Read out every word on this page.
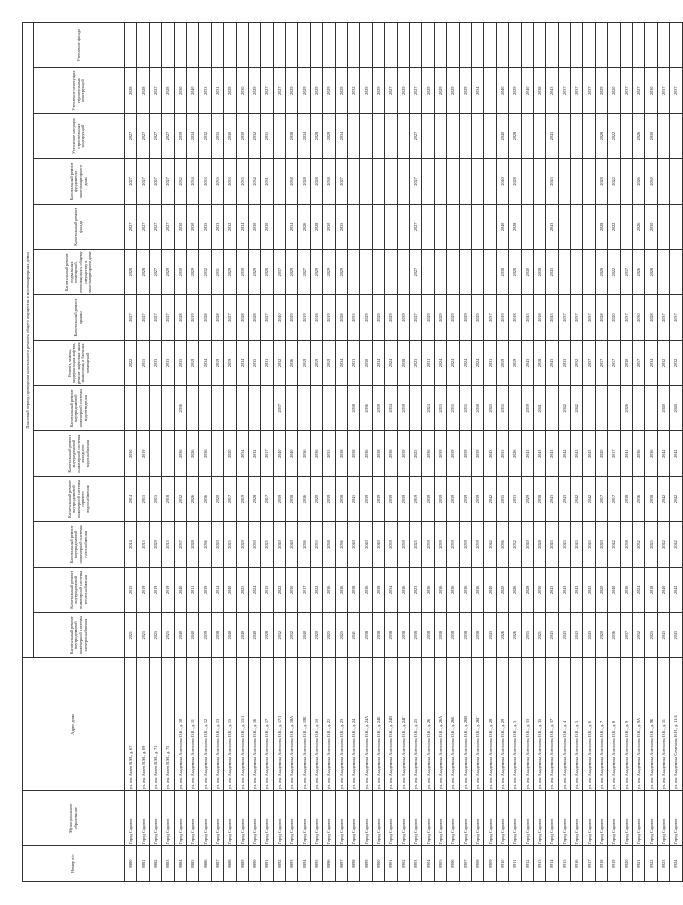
Номер п/п	Муниципальное образование	Адрес дома	Плановый период проведения капитального ремонта общего имущества в многоквартирных домах													
			Капитальный ремонт внутридомовой инженерной системы электроснабжения	Капитальный ремонт внутридомовой инженерной системы теплоснабжения	Капитальный ремонт внутридомовой инженерной системы газоснабжения	Капитальный ремонт внутридомовой инженерной системы горячего водоснабжения	Капитальный ремонт внутридомовой инженерной системы холодного водоснабжения	Капитальный ремонт внутридомовой инженерной системы водоотведения	Ремонт, замена, модернизация лифтов, ремонт лифтовых шахт, машинных и блочных помещений	Капитальный ремонт крыши	Капитальный ремонт подвальных помещений, относящихся к общему имуществу в многоквартирном доме	Капитальный ремонт фасада	Капитальный ремонт фундамента многоквартирного дома	Утепление несущих строительных конструкций	Утепление ненесущих строительных конструкций	Утепление фасада
0880	Город Саратов	ул. им. Атаев В.М., д. 67	2021	2015	2014	2014	2030		2022	2027	2028	2027	2027	2027	2028	
0881	Город Саратов	ул. им. Атаев В.М., д. 69	2025	2019	2015	2015	2019		2015	2027	2028	2027	2027	2027	2028	
0882	Город Саратов	ул. им. Атаев В.М., д. 71	2025	2019	2029	2015			2033	2027	2027	2027	2027	2027	2027	
0883	Город Саратов	ул. им. Атаев В.М., д. 75	2025	2019	2015	2018			2033	2027	2029	2027	2027	2027	2028	
0884	Город Саратов	ул. им. Академика Антонова О.К., д. 10	2040	2040	2037	2032	2036	2036	2035	2028	2030	2030	2032	2039	2030	
0885	Город Саратов	ул. им. Академика Антонова О.К., д. 11	2040	2011	2028	2026	2026		2019	2019	2029	2030	2034	2034	2040	
0886	Город Саратов	ул. им. Академика Антонова О.К., д. 12	2039	2039	2036	2036	2036		2034	2028	2032	2035	2033	2032	2033	
0887	Город Саратов	ул. им. Академика Антонова О.К., д. 13	2038	2014	2020	2020			2019	2028	2031	2033	2035	2035	2031	
0888	Город Саратов	ул. им. Академика Антонова О.К., д. 15	2040	2040	2025	2017	2020		2019	2027	2029	2032	2033	2030	2029	
0889	Город Саратов	ул. им. Академика Антонова О.К., д. 15/1	2040	2025	2029	2019	2034		2034	2028	2030	2034	2035	2030	2030	
0890	Город Саратов	ул. им. Академика Антонова О.К., д. 16	2040	2024	2030	2028	2032		2035	2028	2029	2030	2034	2032	2029	
0891	Город Саратов	ул. им. Академика Антонова О.К., д. 17	2028	2015	2025	2017	2017		2031	2027	2028	2030	2031	2031	2027	
0892	Город Саратов	ул. им. Академика Антонова О.К., д. 17/1	2032	2022	2040	2039	2040	2037	2032	2040	2037				2027	
0893	Город Саратов	ул. им. Академика Антонова О.К., д. 18А	2032	2030	2040	2038	2040		2036	2029	2029	2034	2038	2038	2029	
0894	Город Саратов	ул. им. Академика Антонова О.К., д. 19Б	2040	2017	2036	2036	2036		2019	2019	2027	2026	2028	2034	2029	
0895	Город Саратов	ул. им. Академика Антонова О.К., д. 1б	2020	2022	2033	2020	2036		2019	2018	2029	2028	2028	2028	2029	
0896	Город Саратов	ул. им. Академика Антонова О.К., д. 21	2025	2036	2038	2039	2035		2019	2019	2029	2030	2038	2029	2029	
0897	Город Саратов	ул. им. Академика Антонова О.К., д. 23	2025	2036	2036	2038	2038		2034	2028	2029	2035	2027	2034	2029	
0898	Город Саратов	ул. им. Академика Антонова О.К., д. 24	2041	2038	2040	2041	2038	2038	2031	2033					2032	
0899	Город Саратов	ул. им. Академика Антонова О.К., д. 24А	2038	2036	2040	2039	2036	2036	2030	2029					2029	
0900	Город Саратов	ул. им. Академика Антонова О.К., д. 24Б	2038	2038	2040	2039	2038	2039	2034	2029					2029	
0901	Город Саратов	ул. им. Академика Антонова О.К., д. 24В	2038	2034	2039	2039	2038	2034	2024	2029					2027	
0902	Город Саратов	ул. им. Академика Антонова О.К., д. 24Г	2038	2036	2039	2039	2039	2039	2038	2039					2029	
0903	Город Саратов	ул. им. Академика Антонова О.К., д. 25	2038	2023	2025	2019	2025		2023	2027	2027	2027	2027	2027	2027	
0904	Город Саратов	ул. им. Академика Антонова О.К., д. 26	2038	2036	2039	2039	2036	2024	2031	2029					2029	
0905	Город Саратов	ул. им. Академика Антонова О.К., д. 26А	2038	2036	2039	2039	2039	2033	2024	2029					2029	
0906	Город Саратов	ул. им. Академика Антонова О.К., д. 26Б	2038	2036	2039	2039	2039	2035	2024	2029					2029	
0907	Город Саратов	ул. им. Академика Антонова О.К., д. 26В	2038	2036	2039	2039	2039	2035	2024	2029					2029	
0908	Город Саратов	ул. им. Академика Антонова О.К., д. 26Г	2038	2036	2039	2039	2039	2038	2024	2029					2034	
0909	Город Саратов	ул. им. Академика Антонова О.К., д. 28	2043	2040	2042	2042	2043	2043	2031	2037						
0910	Город Саратов	ул. им. Академика Антонова О.К., д. 29	2026	2020	2036	2035	2035	2035	2019	2019	2038	2040	2040	2040	2040	
0911	Город Саратов	ул. им. Академика Антонова О.К., д. 3	2026	2026	2032	2033	2026		2019	2018	2028	2028	2028	2028	2029	
0912	Город Саратов	ул. им. Академика Антонова О.К., д. 33	2035	2028	2040	2029	2043	2039	2043	2043	2040				2040	
0913	Город Саратов	ул. им. Академика Антонова О.К., д. 35	2021	2030	2028	2038	2043	2041	2018	2018	2038				2038	
0914	Город Саратов	ул. им. Академика Антонова О.К., д. 37	2043	2043	2043	2043	2043		2043	2043	2043	2043	2043	2043	2043	
0915	Город Саратов	ул. им. Академика Антонова О.К., д. 4	2043	2043	2043	2043	2042	2042	2033	2037					2037	
0916	Город Саратов	ул. им. Академика Антонова О.К., д. 5	2043	2043	2043	2042	2043	2042	2032	2037					2037	
0917	Город Саратов	ул. им. Академика Антонова О.К., д. 6	2043	2043	2043	2042	2043		2037	2037					2037	
0918	Город Саратов	ул. им. Академика Антонова О.К., д. 7	2020	2020	2020	2017	2020		2017	2028	2028	2028	2028	2028	2029	
0919	Город Саратов	ул. им. Академика Антонова О.К., д. 8	2036	2040	2042	2017	2017		2017	2020	2022	2022	2022	2022	2020	
0920	Город Саратов	ул. им. Академика Антонова О.К., д. 9	2037	2036	2038	2038	2041	2026	2030	2037	2037				2037	
0921	Город Саратов	ул. им. Академика Антонова О.К., д. 9А	2032	2024	2032	2036	2036		2017	2030	2026	2026	2026	2026	2027	
0922	Город Саратов	ул. им. Академика Антонова О.К., д. 9Б	2025	2018	2025	2038	2036		2034	2028	2028	2030	2030	2030	2030	
0923	Город Саратов	ул. им. Академика Антонова О.К., д. 11	2043	2040	2042	2042	2042	2040	2032	2037					2037	
0924	Город Саратов	ул. им. Академика Семенова Н.Н., д. 11/4	2043	2042	2042	2042	2042	2040	2032	2037					2037	
